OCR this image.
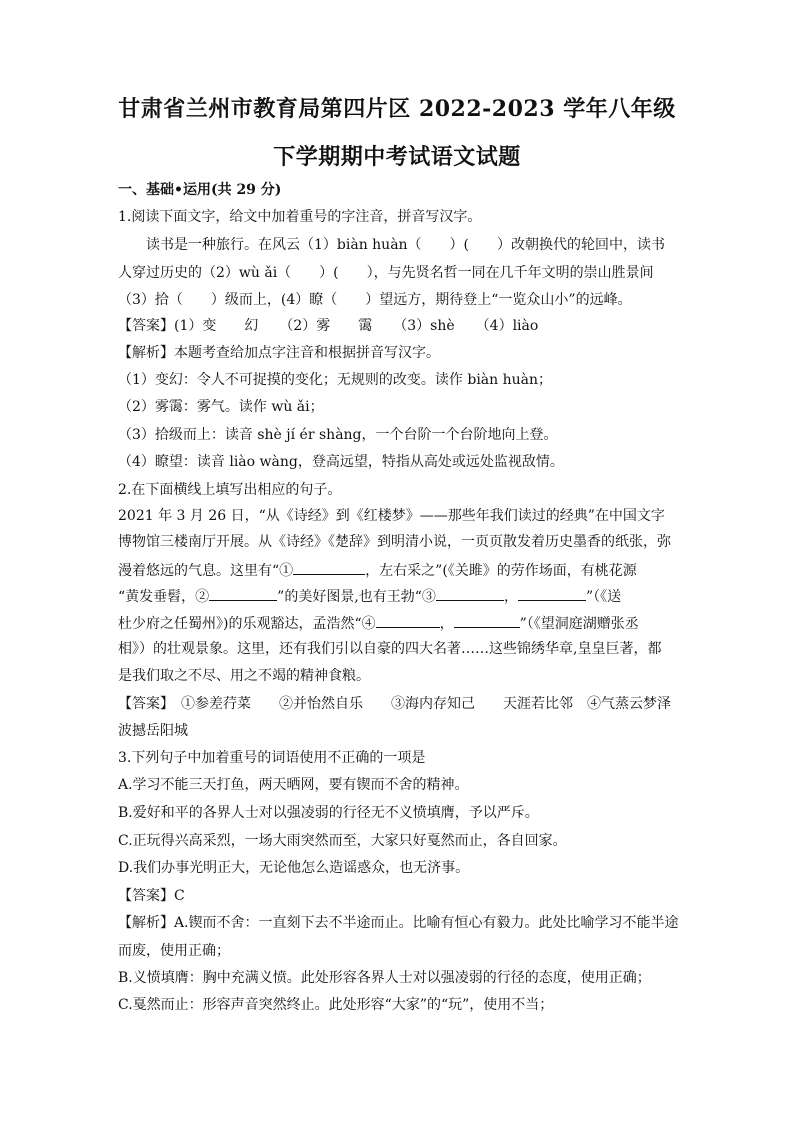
甘肃省兰州市教育局第四片区 2022-2023 学年八年级
下学期期中考试语文试题
一、基础•运用(共 29 分)
1.阅读下面文字，给文中加着重号的字注音，拼音写汉字。
读书是一种旅行。在风云（1）biàn huàn（　　）(　　）改朝换代的轮回中，读书
人穿过历史的（2）wù ǎi（　　）(　　），与先贤名哲一同在几千年文明的崇山胜景间
（3）拾（　　）级而上，(4）瞭（　　）望远方，期待登上“一览众山小”的远峰。
【答案】(1）变　　幻　　（2）雾　　霭　　（3）shè　　（4）liào
【解析】本题考查给加点字注音和根据拼音写汉字。
（1）变幻：令人不可捉摸的变化；无规则的改变。读作 biàn huàn；
（2）雾霭：雾气。读作 wù ǎi；
（3）拾级而上：读音 shè jí ér shàng，一个台阶一个台阶地向上登。
（4）瞭望：读音 liào wàng，登高远望，特指从高处或远处监视敌情。
2.在下面横线上填写出相应的句子。
2021 年 3 月 26 日，“从《诗经》到《红楼梦》——那些年我们读过的经典”在中国文字
博物馆三楼南厅开展。从《诗经》《楚辞》到明清小说，一页页散发着历史墨香的纸张，弥
漫着悠远的气息。这里有“①	，左右采之”(《关雎》的劳作场面，有桃花源
“黄发垂髫，②	”的美好图景,也有王勃“③	，	”（《送
杜少府之任蜀州》)的乐观豁达，孟浩然“④	，	”（《望洞庭湖赠张丞
相》）的壮观景象。这里，还有我们引以自豪的四大名著……这些锦绣华章,皇皇巨著，都
是我们取之不尽、用之不竭的精神食粮。
【答案】　①参差荇菜　　②并怡然自乐　　③海内存知己　　天涯若比邻　④气蒸云梦泽
波撼岳阳城
3.下列句子中加着重号的词语使用不正确的一项是
A.学习不能三天打鱼，两天晒网，要有锲而不舍的精神。
B.爱好和平的各界人士对以强凌弱的行径无不义愤填膺，予以严斥。
C.正玩得兴高采烈，一场大雨突然而至，大家只好戛然而止，各自回家。
D.我们办事光明正大，无论他怎么造谣惑众，也无济事。
【答案】C
【解析】A.锲而不舍：一直刻下去不半途而止。比喻有恒心有毅力。此处比喻学习不能半途
而废，使用正确；
B.义愤填膺：胸中充满义愤。此处形容各界人士对以强凌弱的行径的态度，使用正确；
C.戛然而止：形容声音突然终止。此处形容“大家”的“玩”，使用不当；
